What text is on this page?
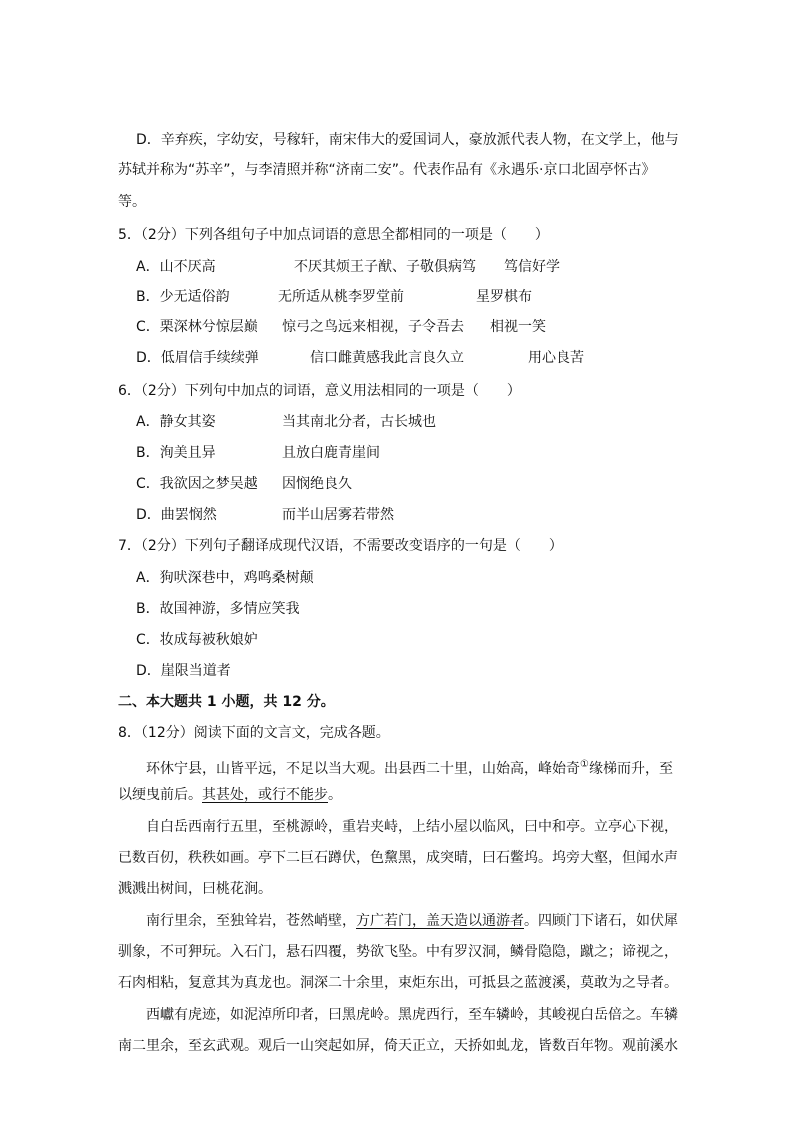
D．辛弃疾，字幼安，号稼轩，南宋伟大的爱国词人，豪放派代表人物，在文学上，他与
苏轼并称为“苏辛”，与李清照并称“济南二安”。代表作品有《永遇乐·京口北固亭怀古》
等。
5．（2分）下列各组句子中加点词语的意思全都相同的一项是（　　）
A．山不厌高	不厌其烦王子猷、子敬俱病笃 笃信好学
B．少无适俗韵	无所适从桃李罗堂前	星罗棋布
C．栗深林兮惊层巅 惊弓之鸟远来相视，子令吾去 相视一笑
D．低眉信手续续弹	信口雌黄感我此言良久立	用心良苦
6．（2分）下列句中加点的词语，意义用法相同的一项是（　　）
A．静女其姿	当其南北分者，古长城也
B．洵美且异	且放白鹿青崖间
C．我欲因之梦吴越 因悯绝良久
D．曲罢悯然	而半山居雾若带然
7．（2分）下列句子翻译成现代汉语，不需要改变语序的一句是（　　）
A．狗吠深巷中，鸡鸣桑树颠
B．故国神游，多情应笑我
C．妆成每被秋娘妒
D．崖限当道者
二、本大题共 1 小题，共 12 分。
8．（12分）阅读下面的文言文，完成各题。
环休宁县，山皆平远，不足以当大观。出县西二十里，山始高，峰始奇①缘梯而升，至
以绠曳前后。其甚处，或行不能步。
自白岳西南行五里，至桃源岭，重岩夹峙，上结小屋以临风，曰中和亭。立亭心下视，
已数百仞，秩秩如画。亭下二巨石蹲伏，色黧黑，成突晴，曰石鳖坞。坞旁大壑，但闻水声
溅溅出树间，曰桃花涧。
南行里余，至独耸岩，苍然峭壁，方广若门，盖天造以通游者。四顾门下诸石，如伏犀
驯象，不可狎玩。入石门，悬石四覆，势欲飞坠。中有罗汉洞，鳞骨隐隐，蹴之；谛视之，
石肉相粘，复意其为真龙也。洞深二十余里，束炬东出，可抵县之蓝渡溪，莫敢为之导者。
西巘有虎迹，如泥淖所印者，曰黑虎岭。黑虎西行，至车辚岭，其峻视白岳倍之。车辚
南二里余，至玄武观。观后一山突起如屏，倚天正立，天挢如虬龙，皆数百年物。观前溪水
